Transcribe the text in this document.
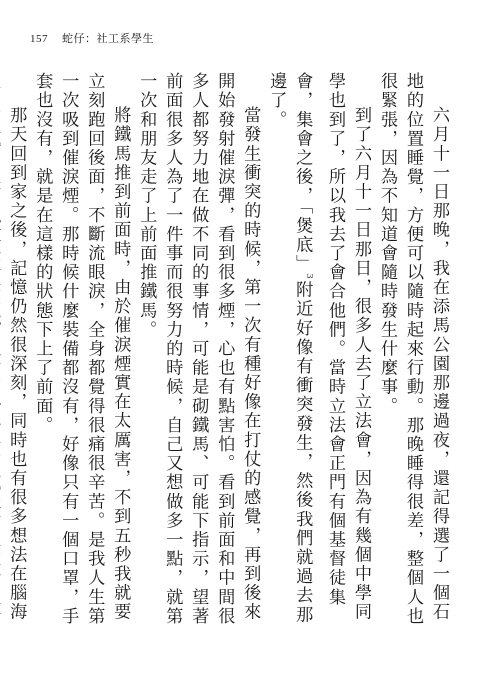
157 蛇仔：社工系學生

六月十一日那晚，我在添馬公園那邊過夜，還記得選了一個石地的位置睡覺，方便可以隨時起來行動。那晚睡得很差，整個人也很緊張，因為不知道會隨時發生什麼事。

到了六月十一日那日，很多人去了立法會，因為有幾個中學同學也到了，所以我去了會合他們。當時立法會正門有個基督徒集會，集會之後，「煲底」$^3$附近好像有衝突發生，然後我們就過去那邊了。

當發生衝突的時候，第一次有種好像在打仗的感覺，再到後來開始發射催淚彈，看到很多煙，心也有點害怕。看到前面和中間很多人都努力地在做不同的事情，可能是砌鐵馬、可能下指示，望著前面很多人為了一件事而很努力的時候，自己又想做多一點，就第一次和朋友走了上前面推鐵馬。

將鐵馬推到前面時，由於催淚煙實在太厲害，不到五秒我就要立刻跑回後面，不斷流眼淚，全身都覺得很痛很辛苦。是我人生第一次吸到催淚煙。那時候什麼裝備都沒有，好像只有一個口罩，手套也沒有，就是在這樣的狀態下上了前面。

那天回到家之後，記憶仍然很深刻，同時也有很多想法在腦海
